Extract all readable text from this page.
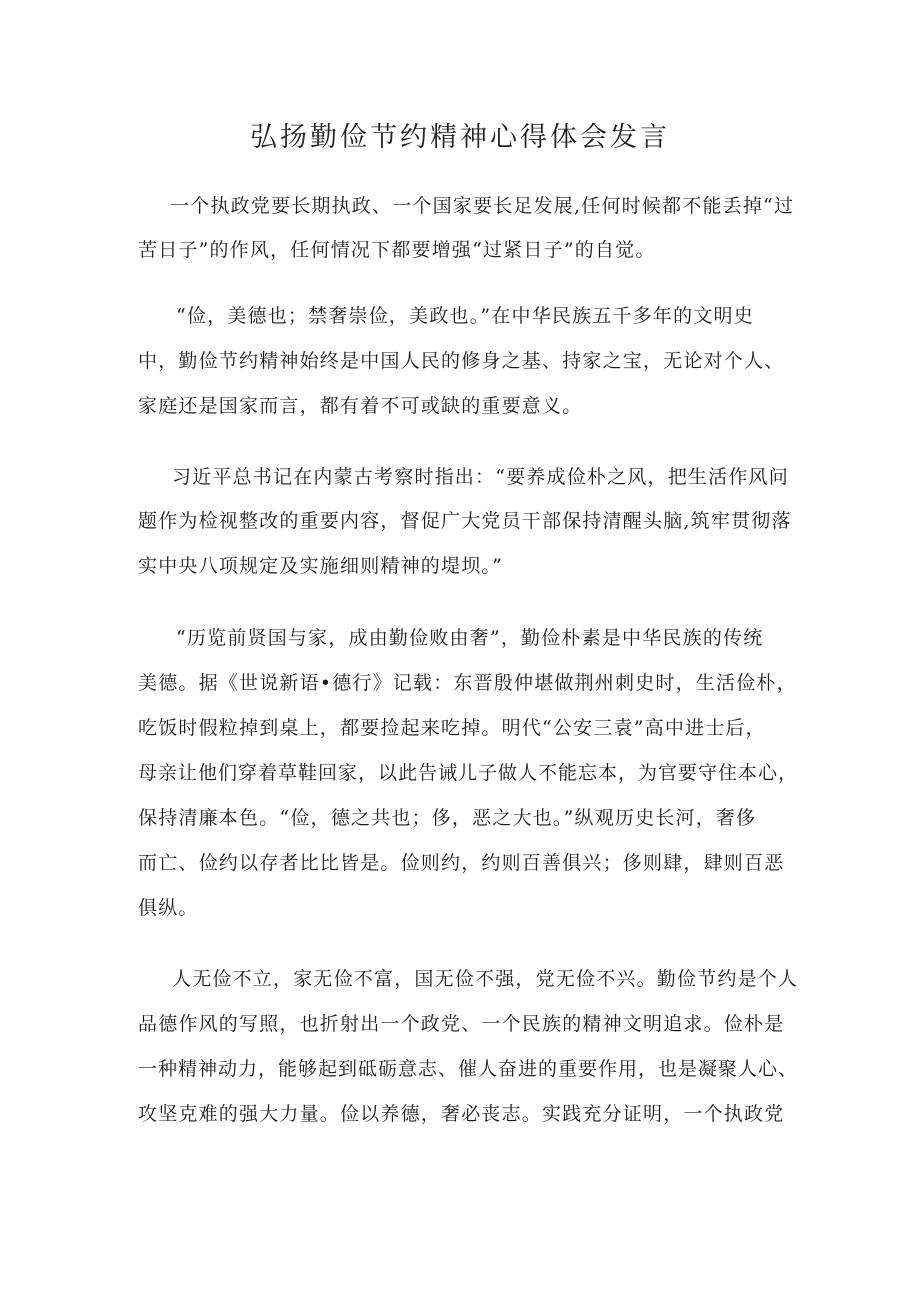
弘扬勤俭节约精神心得体会发言
一个执政党要长期执政、一个国家要长足发展,任何时候都不能丢掉“过
苦日子”的作风，任何情况下都要增强“过紧日子”的自觉。
“俭，美德也；禁奢崇俭，美政也。”在中华民族五千多年的文明史
中，勤俭节约精神始终是中国人民的修身之基、持家之宝，无论对个人、
家庭还是国家而言，都有着不可或缺的重要意义。
习近平总书记在内蒙古考察时指出：“要养成俭朴之风，把生活作风问
题作为检视整改的重要内容，督促广大党员干部保持清醒头脑,筑牢贯彻落
实中央八项规定及实施细则精神的堤坝。”
“历览前贤国与家，成由勤俭败由奢”，勤俭朴素是中华民族的传统
美德。据《世说新语•德行》记载：东晋殷仲堪做荆州刺史时，生活俭朴，
吃饭时假粒掉到桌上，都要捡起来吃掉。明代“公安三袁”高中进士后，
母亲让他们穿着草鞋回家，以此告诫儿子做人不能忘本，为官要守住本心，
保持清廉本色。“俭，德之共也；侈，恶之大也。”纵观历史长河，奢侈
而亡、俭约以存者比比皆是。俭则约，约则百善俱兴；侈则肆，肆则百恶
俱纵。
人无俭不立，家无俭不富，国无俭不强，党无俭不兴。勤俭节约是个人
品德作风的写照，也折射出一个政党、一个民族的精神文明追求。俭朴是
一种精神动力，能够起到砥砺意志、催人奋进的重要作用，也是凝聚人心、
攻坚克难的强大力量。俭以养德，奢必丧志。实践充分证明，一个执政党
